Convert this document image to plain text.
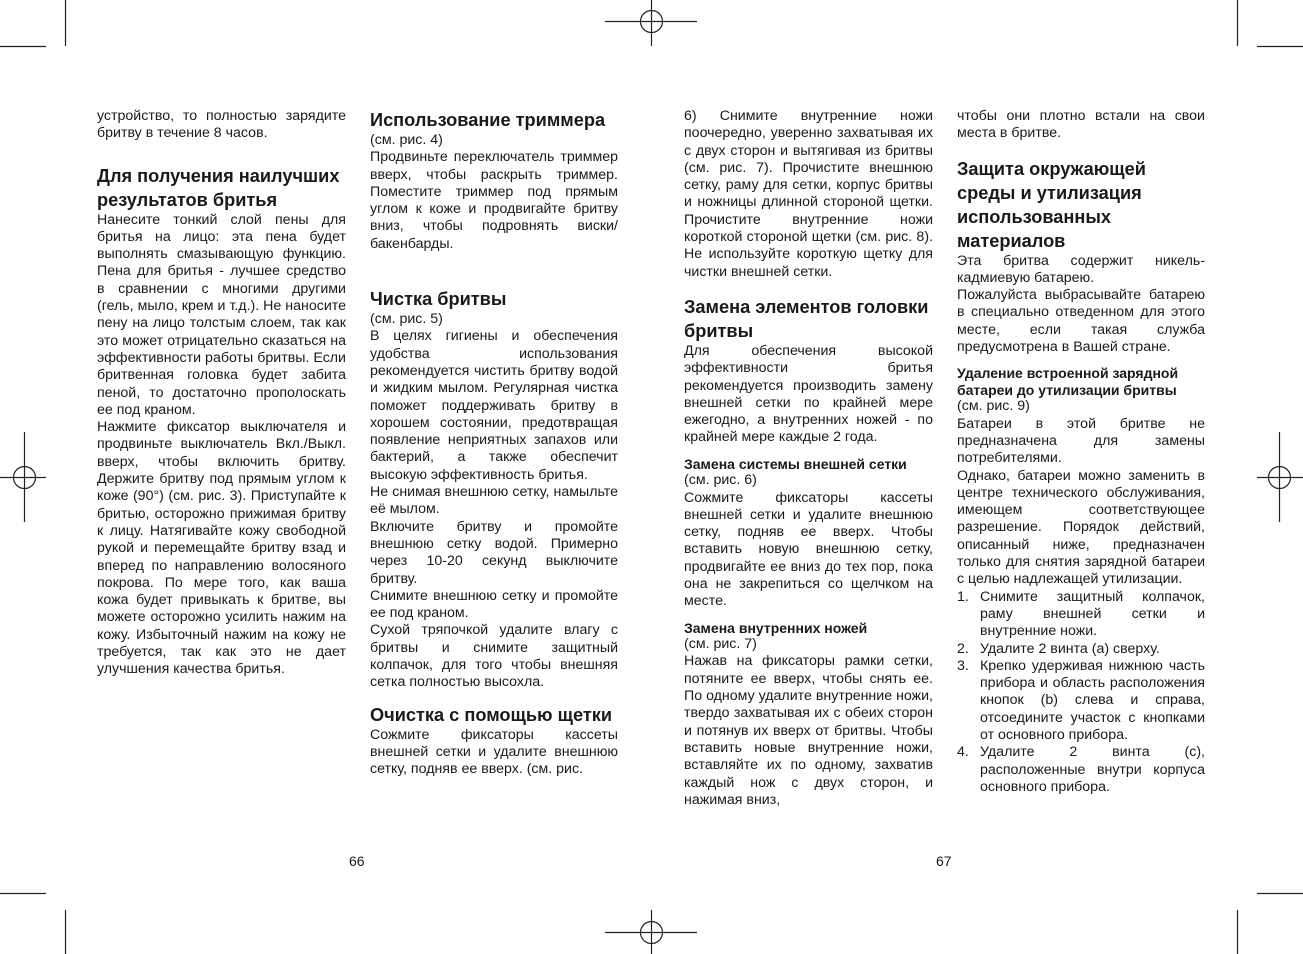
устройство, то полностью зарядите бритву в течение 8 часов.

Для получения наилучших результатов бритья

Нанесите тонкий слой пены для бритья на лицо: эта пена будет выполнять смазывающую функцию. Пена для бритья - лучшее средство в сравнении с многими другими (гель, мыло, крем и т.д.). Не наносите пену на лицо толстым слоем, так как это может отрицательно сказаться на эффективности работы бритвы. Если бритвенная головка будет забита пеной, то достаточно прополоскать ее под краном.

Нажмите фиксатор выключателя и продвиньте выключатель Вкл./Выкл. вверх, чтобы включить бритву. Держите бритву под прямым углом к коже (90°) (см. рис. 3). Приступайте к бритью, осторожно прижимая бритву к лицу. Натягивайте кожу свободной рукой и перемещайте бритву взад и вперед по направлению волосяного покрова. По мере того, как ваша кожа будет привыкать к бритве, вы можете осторожно усилить нажим на кожу. Избыточный нажим на кожу не требуется, так как это не дает улучшения качества бритья.

Использование триммера

(см. рис. 4)

Продвиньте переключатель триммер вверх, чтобы раскрыть триммер. Поместите триммер под прямым углом к коже и продвигайте бритву вниз, чтобы подровнять виски/бакенбарды.

Чистка бритвы

(см. рис. 5)

В целях гигиены и обеспечения удобства использования рекомендуется чистить бритву водой и жидким мылом. Регулярная чистка поможет поддерживать бритву в хорошем состоянии, предотвращая появление неприятных запахов или бактерий, а также обеспечит высокую эффективность бритья.

Не снимая внешнюю сетку, намыльте её мылом.

Включите бритву и промойте внешнюю сетку водой. Примерно через 10-20 секунд выключите бритву.

Снимите внешнюю сетку и промойте ее под краном.

Сухой тряпочкой удалите влагу с бритвы и снимите защитный колпачок, для того чтобы внешняя сетка полностью высохла.

Очистка с помощью щетки

Сожмите фиксаторы кассеты внешней сетки и удалите внешнюю сетку, подняв ее вверх. (см. рис.

66

6) Снимите внутренние ножи поочередно, уверенно захватывая их с двух сторон и вытягивая из бритвы (см. рис. 7). Прочистите внешнюю сетку, раму для сетки, корпус бритвы и ножницы длинной стороной щетки. Прочистите внутренние ножи короткой стороной щетки (см. рис. 8). Не используйте короткую щетку для чистки внешней сетки.

Замена элементов головки бритвы

Для обеспечения высокой эффективности бритья рекомендуется производить замену внешней сетки по крайней мере ежегодно, а внутренних ножей - по крайней мере каждые 2 года.

Замена системы внешней сетки

(см. рис. 6)

Сожмите фиксаторы кассеты внешней сетки и удалите внешнюю сетку, подняв ее вверх. Чтобы вставить новую внешнюю сетку, продвигайте ее вниз до тех пор, пока она не закрепиться со щелчком на месте.

Замена внутренних ножей

(см. рис. 7)

Нажав на фиксаторы рамки сетки, потяните ее вверх, чтобы снять ее. По одному удалите внутренние ножи, твердо захватывая их с обеих сторон и потянув их вверх от бритвы. Чтобы вставить новые внутренние ножи, вставляйте их по одному, захватив каждый нож с двух сторон, и нажимая вниз,

чтобы они плотно встали на свои места в бритве.

Защита окружающей среды и утилизация использованных материалов

Эта бритва содержит никель-кадмиевую батарею.

Пожалуйста выбрасывайте батарею в специально отведенном для этого месте, если такая служба предусмотрена в Вашей стране.

Удаление встроенной зарядной батареи до утилизации бритвы

(см. рис. 9)

Батареи в этой бритве не предназначена для замены потребителями.

Однако, батареи можно заменить в центре технического обслуживания, имеющем соответствующее разрешение. Порядок действий, описанный ниже, предназначен только для снятия зарядной батареи с целью надлежащей утилизации.

1. Снимите защитный колпачок, раму внешней сетки и внутренние ножи.
2. Удалите 2 винта (a) сверху.
3. Крепко удерживая нижнюю часть прибора и область расположения кнопок (b) слева и справа, отсоедините участок с кнопками от основного прибора.
4. Удалите 2 винта (c), расположенные внутри корпуса основного прибора.
67
